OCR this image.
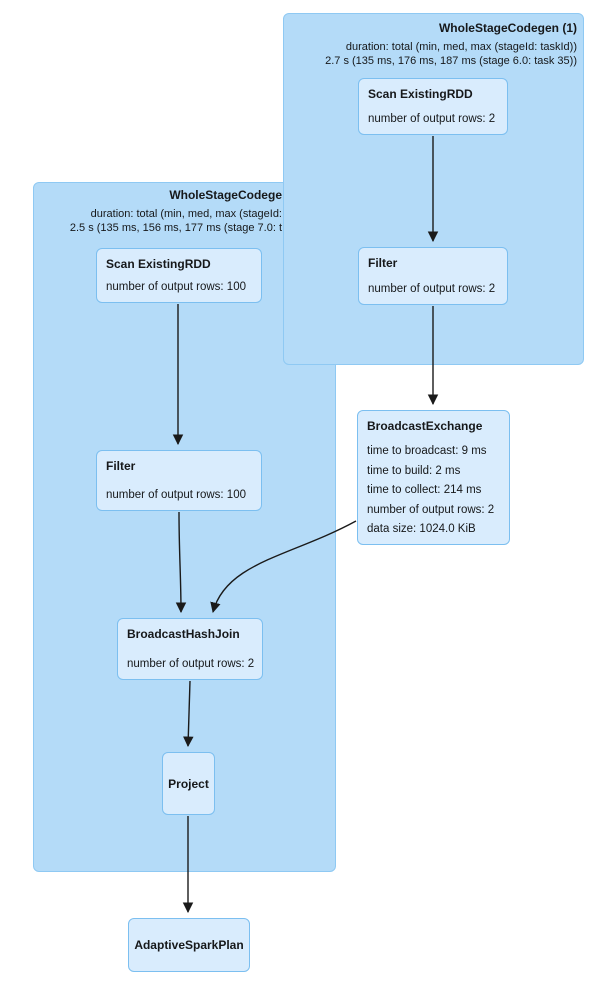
WholeStageCodege
duration: total (min, med, max (stageId:
2.5 s (135 ms, 156 ms, 177 ms (stage 7.0: t
WholeStageCodegen (1)
duration: total (min, med, max (stageId: taskId))
2.7 s (135 ms, 176 ms, 187 ms (stage 6.0: task 35))
Scan ExistingRDD
number of output rows: 2
Filter
number of output rows: 2
Scan ExistingRDD
number of output rows: 100
Filter
number of output rows: 100
BroadcastExchange
time to broadcast: 9 ms
time to build: 2 ms
time to collect: 214 ms
number of output rows: 2
data size: 1024.0 KiB
BroadcastHashJoin
number of output rows: 2
Project
AdaptiveSparkPlan
